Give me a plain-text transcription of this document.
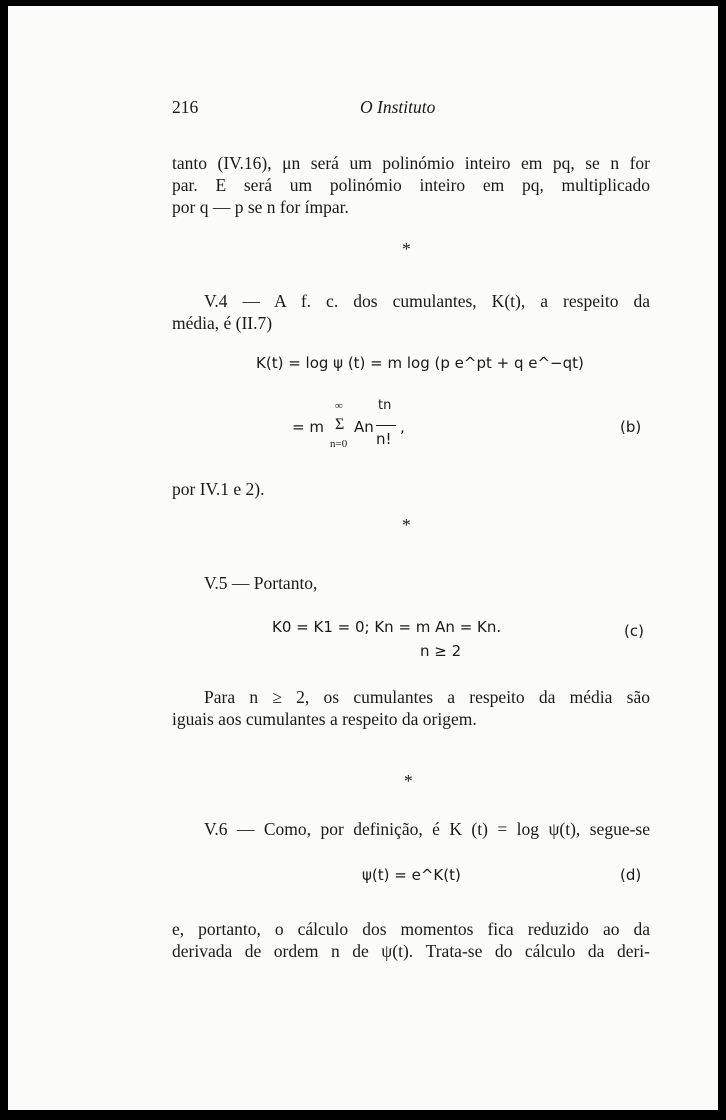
216	O Instituto
tanto (IV.16), μn será um polinómio inteiro em pq, se n for
par. E será um polinómio inteiro em pq, multiplicado
por q — p se n for ímpar.
*
V.4 — A f. c. dos cumulantes, K(t), a respeito da
média, é (II.7)
K(t) = log ψ (t) = m log (p e^pt + q e^−qt)
= m
∞
Σ
n=0
An
tn
n!
,	(b)
por IV.1 e 2).
*
V.5 — Portanto,
K0 = K1 = 0; Kn = m An = Kn.
n ≥ 2
(c)
Para n ≥ 2, os cumulantes a respeito da média são
iguais aos cumulantes a respeito da origem.
*
V.6 — Como, por definição, é K (t) = log ψ(t), segue-se
ψ(t) = e^K(t)	(d)
e, portanto, o cálculo dos momentos fica reduzido ao da
derivada de ordem n de ψ(t). Trata-se do cálculo da deri-
